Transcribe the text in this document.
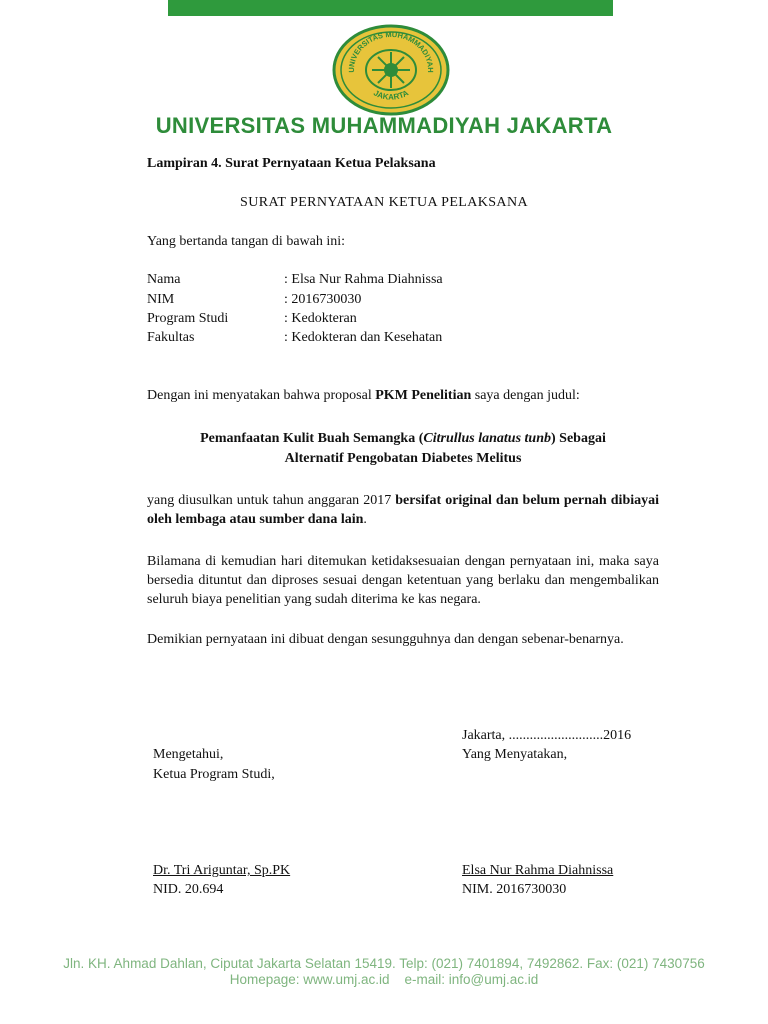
UNIVERSITAS MUHAMMADIYAH
JAKARTA
UNIVERSITAS MUHAMMADIYAH JAKARTA
Lampiran 4. Surat Pernyataan Ketua Pelaksana
SURAT PERNYATAAN KETUA PELAKSANA
Yang bertanda tangan di bawah ini:
Nama	: Elsa Nur Rahma Diahnissa
NIM	: 2016730030
Program Studi	: Kedokteran
Fakultas	: Kedokteran dan Kesehatan
Dengan ini menyatakan bahwa proposal PKM Penelitian saya dengan judul:
Pemanfaatan Kulit Buah Semangka (Citrullus lanatus tunb) Sebagai
Alternatif Pengobatan Diabetes Melitus
yang diusulkan untuk tahun anggaran 2017 bersifat original dan belum pernah dibiayai oleh lembaga atau sumber dana lain.
Bilamana di kemudian hari ditemukan ketidaksesuaian dengan pernyataan ini, maka saya bersedia dituntut dan diproses sesuai dengan ketentuan yang berlaku dan mengembalikan seluruh biaya penelitian yang sudah diterima ke kas negara.
Demikian pernyataan ini dibuat dengan sesungguhnya dan dengan sebenar-benarnya.
Jakarta, ...........................2016
Mengetahui,	Yang Menyatakan,
Ketua Program Studi,
Dr. Tri Ariguntar, Sp.PK	Elsa Nur Rahma Diahnissa
NID. 20.694	NIM. 2016730030
Jln. KH. Ahmad Dahlan, Ciputat Jakarta Selatan 15419. Telp: (021) 7401894, 7492862. Fax: (021) 7430756
Homepage: www.umj.ac.id    e-mail: info@umj.ac.id
